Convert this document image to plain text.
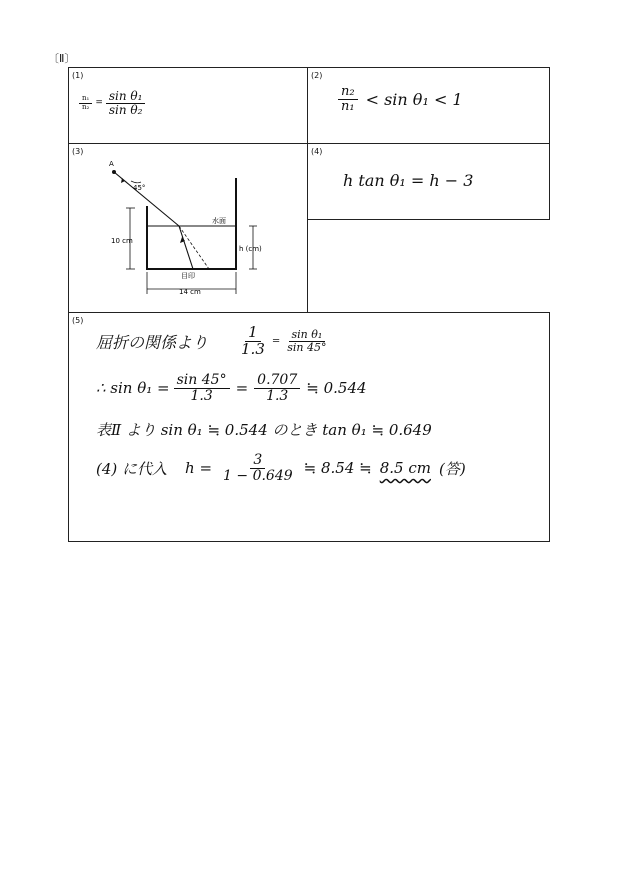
〔Ⅱ〕
(1)
$\frac{\text{n₁}}{\text{n₂}} = \frac{\text{sin θ₁}}{\text{sin θ₂}}$
(2)
$\frac{\text{n₂}}{\text{n₁}} < \sin \theta_1 < 1$
(3)
45°
A
水面
10 cm
h (cm)
目印
14 cm
(4)
h tan θ₁ = h − 3
(5)
屈折の関係より $\frac{1}{1.3} = \frac{\text{sin θ₁}}{\sin 45^\circ}$
∴ $\sin \theta_1 = \frac{\sin 45^\circ}{1.3} = \frac{0.707}{1.3}$ ≒ 0.544
表Ⅱ より sin θ₁ ≒ 0.544 のとき tan θ₁ ≒ 0.649
(4) に代入 $h = \frac{3}{1 - 0.649}$ ≒ 8.54 ≒ 8.5 cm (答)
